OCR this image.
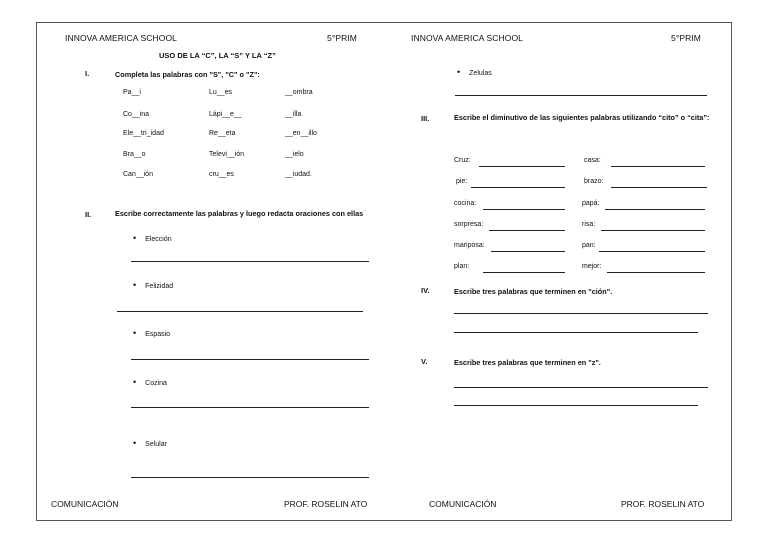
INNOVA AMERICA SCHOOL	5°PRIM
USO DE LA “C”, LA “S” Y LA “Z”
I.	Completa las palabras con "S", "C" o "Z":
Pa__i	Lu__es	__ombra
Co__ina	Lápi__e__	__illa
Ele__tri_idad	Re__eta	__en__illo
Bra__o	Televi__ión	__ielo
Can__ión	cru__es	__iudad.
II.	Escribe correctamente las palabras y luego redacta oraciones con ellas
• Elección
• Felizidad
• Espasio
• Cozina
• Selular
COMUNICACIÓN	PROF. ROSELIN ATO
INNOVA AMERICA SCHOOL	5°PRIM
• Zelulas
III.	Escribe el diminutivo de las siguientes palabras utilizando “cito” o “cita”:
Cruz:	casa:
pie:	brazo:
cocina:	papá:
sorpresa:	risa:
mariposa:	pan:
plan:	mejor:
IV.	Escribe tres palabras que terminen en "ción".
V.	Escribe tres palabras que terminen en "z".
COMUNICACIÓN	PROF. ROSELIN ATO
